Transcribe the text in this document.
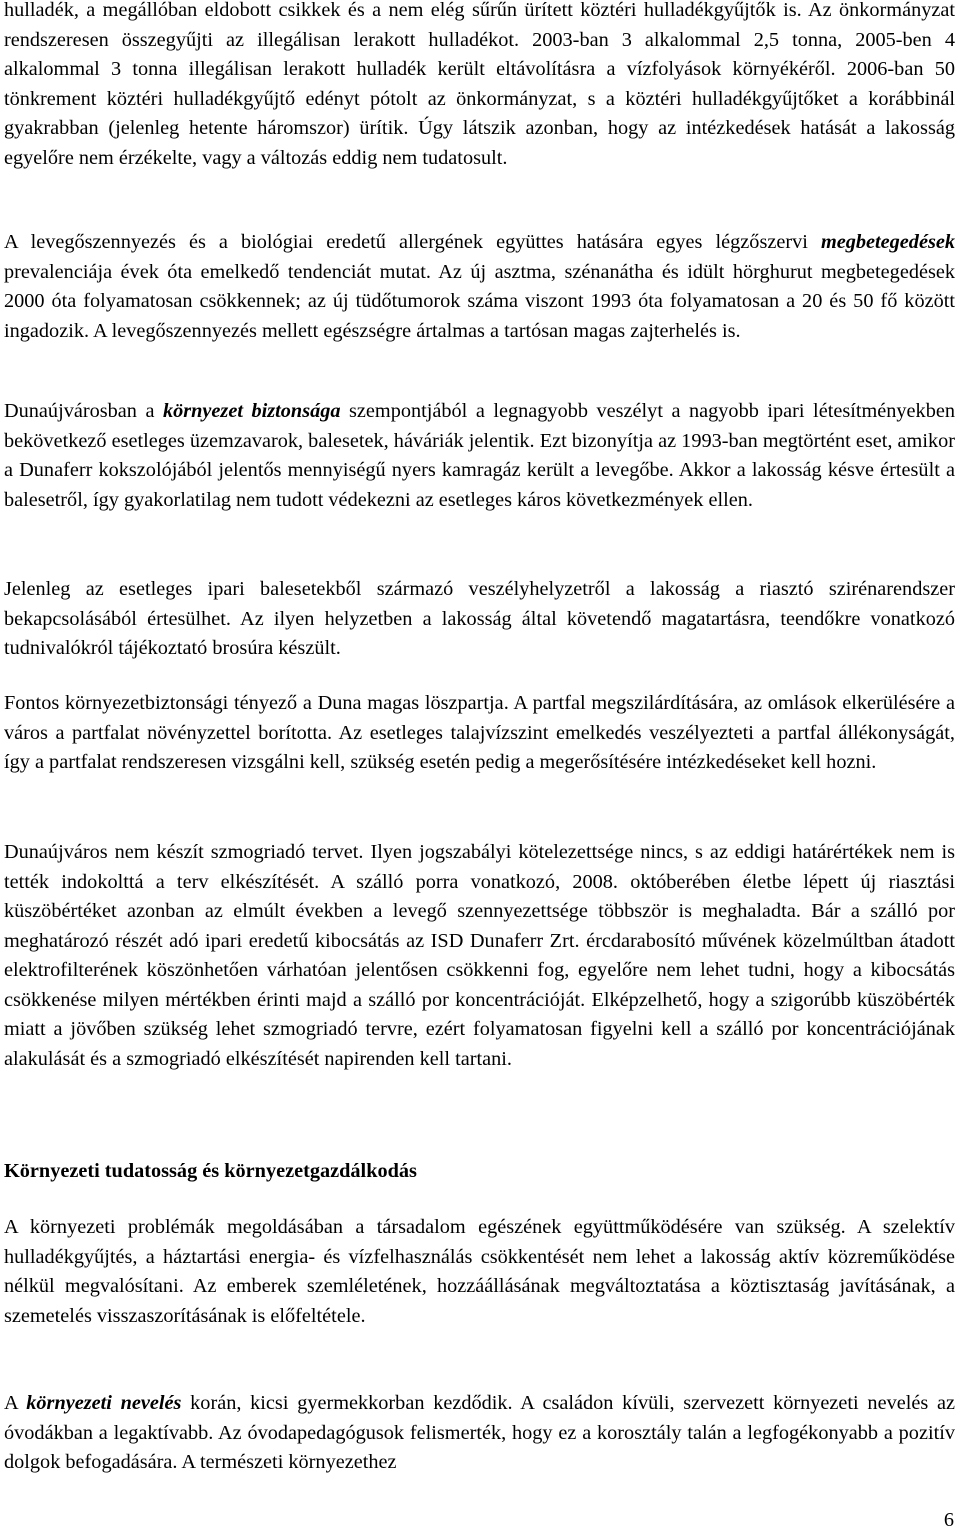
hulladék, a megállóban eldobott csikkek és a nem elég sűrűn ürített köztéri hulladékgyűjtők is. Az önkormányzat rendszeresen összegyűjti az illegálisan lerakott hulladékot. 2003-ban 3 alkalommal 2,5 tonna, 2005-ben 4 alkalommal 3 tonna illegálisan lerakott hulladék került eltávolításra a vízfolyások környékéről. 2006-ban 50 tönkrement köztéri hulladékgyűjtő edényt pótolt az önkormányzat, s a köztéri hulladékgyűjtőket a korábbinál gyakrabban (jelenleg hetente háromszor) ürítik. Úgy látszik azonban, hogy az intézkedések hatását a lakosság egyelőre nem érzékelte, vagy a változás eddig nem tudatosult.

A levegőszennyezés és a biológiai eredetű allergének együttes hatására egyes légzőszervi megbetegedések prevalenciája évek óta emelkedő tendenciát mutat. Az új asztma, szénanátha és idült hörghurut megbetegedések 2000 óta folyamatosan csökkennek; az új tüdőtumorok száma viszont 1993 óta folyamatosan a 20 és 50 fő között ingadozik. A levegőszennyezés mellett egészségre ártalmas a tartósan magas zajterhelés is.

Dunaújvárosban a környezet biztonsága szempontjából a legnagyobb veszélyt a nagyobb ipari létesítményekben bekövetkező esetleges üzemzavarok, balesetek, háváriák jelentik. Ezt bizonyítja az 1993-ban megtörtént eset, amikor a Dunaferr kokszolójából jelentős mennyiségű nyers kamragáz került a levegőbe. Akkor a lakosság késve értesült a balesetről, így gyakorlatilag nem tudott védekezni az esetleges káros következmények ellen.

Jelenleg az esetleges ipari balesetekből származó veszélyhelyzetről a lakosság a riasztó szirénarendszer bekapcsolásából értesülhet. Az ilyen helyzetben a lakosság által követendő magatartásra, teendőkre vonatkozó tudnivalókról tájékoztató brosúra készült.

Fontos környezetbiztonsági tényező a Duna magas löszpartja. A partfal megszilárdítására, az omlások elkerülésére a város a partfalat növényzettel borította. Az esetleges talajvízszint emelkedés veszélyezteti a partfal állékonyságát, így a partfalat rendszeresen vizsgálni kell, szükség esetén pedig a megerősítésére intézkedéseket kell hozni.

Dunaújváros nem készít szmogriadó tervet. Ilyen jogszabályi kötelezettsége nincs, s az eddigi határértékek nem is tették indokolttá a terv elkészítését. A szálló porra vonatkozó, 2008. októberében életbe lépett új riasztási küszöbértéket azonban az elmúlt években a levegő szennyezettsége többször is meghaladta. Bár a szálló por meghatározó részét adó ipari eredetű kibocsátás az ISD Dunaferr Zrt. ércdarabosító művének közelmúltban átadott elektrofilterének köszönhetően várhatóan jelentősen csökkenni fog, egyelőre nem lehet tudni, hogy a kibocsátás csökkenése milyen mértékben érinti majd a szálló por koncentrációját. Elképzelhető, hogy a szigorúbb küszöbérték miatt a jövőben szükség lehet szmogriadó tervre, ezért folyamatosan figyelni kell a szálló por koncentrációjának alakulását és a szmogriadó elkészítését napirenden kell tartani.

Környezeti tudatosság és környezetgazdálkodás

A környezeti problémák megoldásában a társadalom egészének együttműködésére van szükség. A szelektív hulladékgyűjtés, a háztartási energia- és vízfelhasználás csökkentését nem lehet a lakosság aktív közreműködése nélkül megvalósítani. Az emberek szemléletének, hozzáállásának megváltoztatása a köztisztaság javításának, a szemetelés visszaszorításának is előfeltétele.

A környezeti nevelés korán, kicsi gyermekkorban kezdődik. A családon kívüli, szervezett környezeti nevelés az óvodákban a legaktívabb. Az óvodapedagógusok felismerték, hogy ez a korosztály talán a legfogékonyabb a pozitív dolgok befogadására. A természeti környezethez

6
